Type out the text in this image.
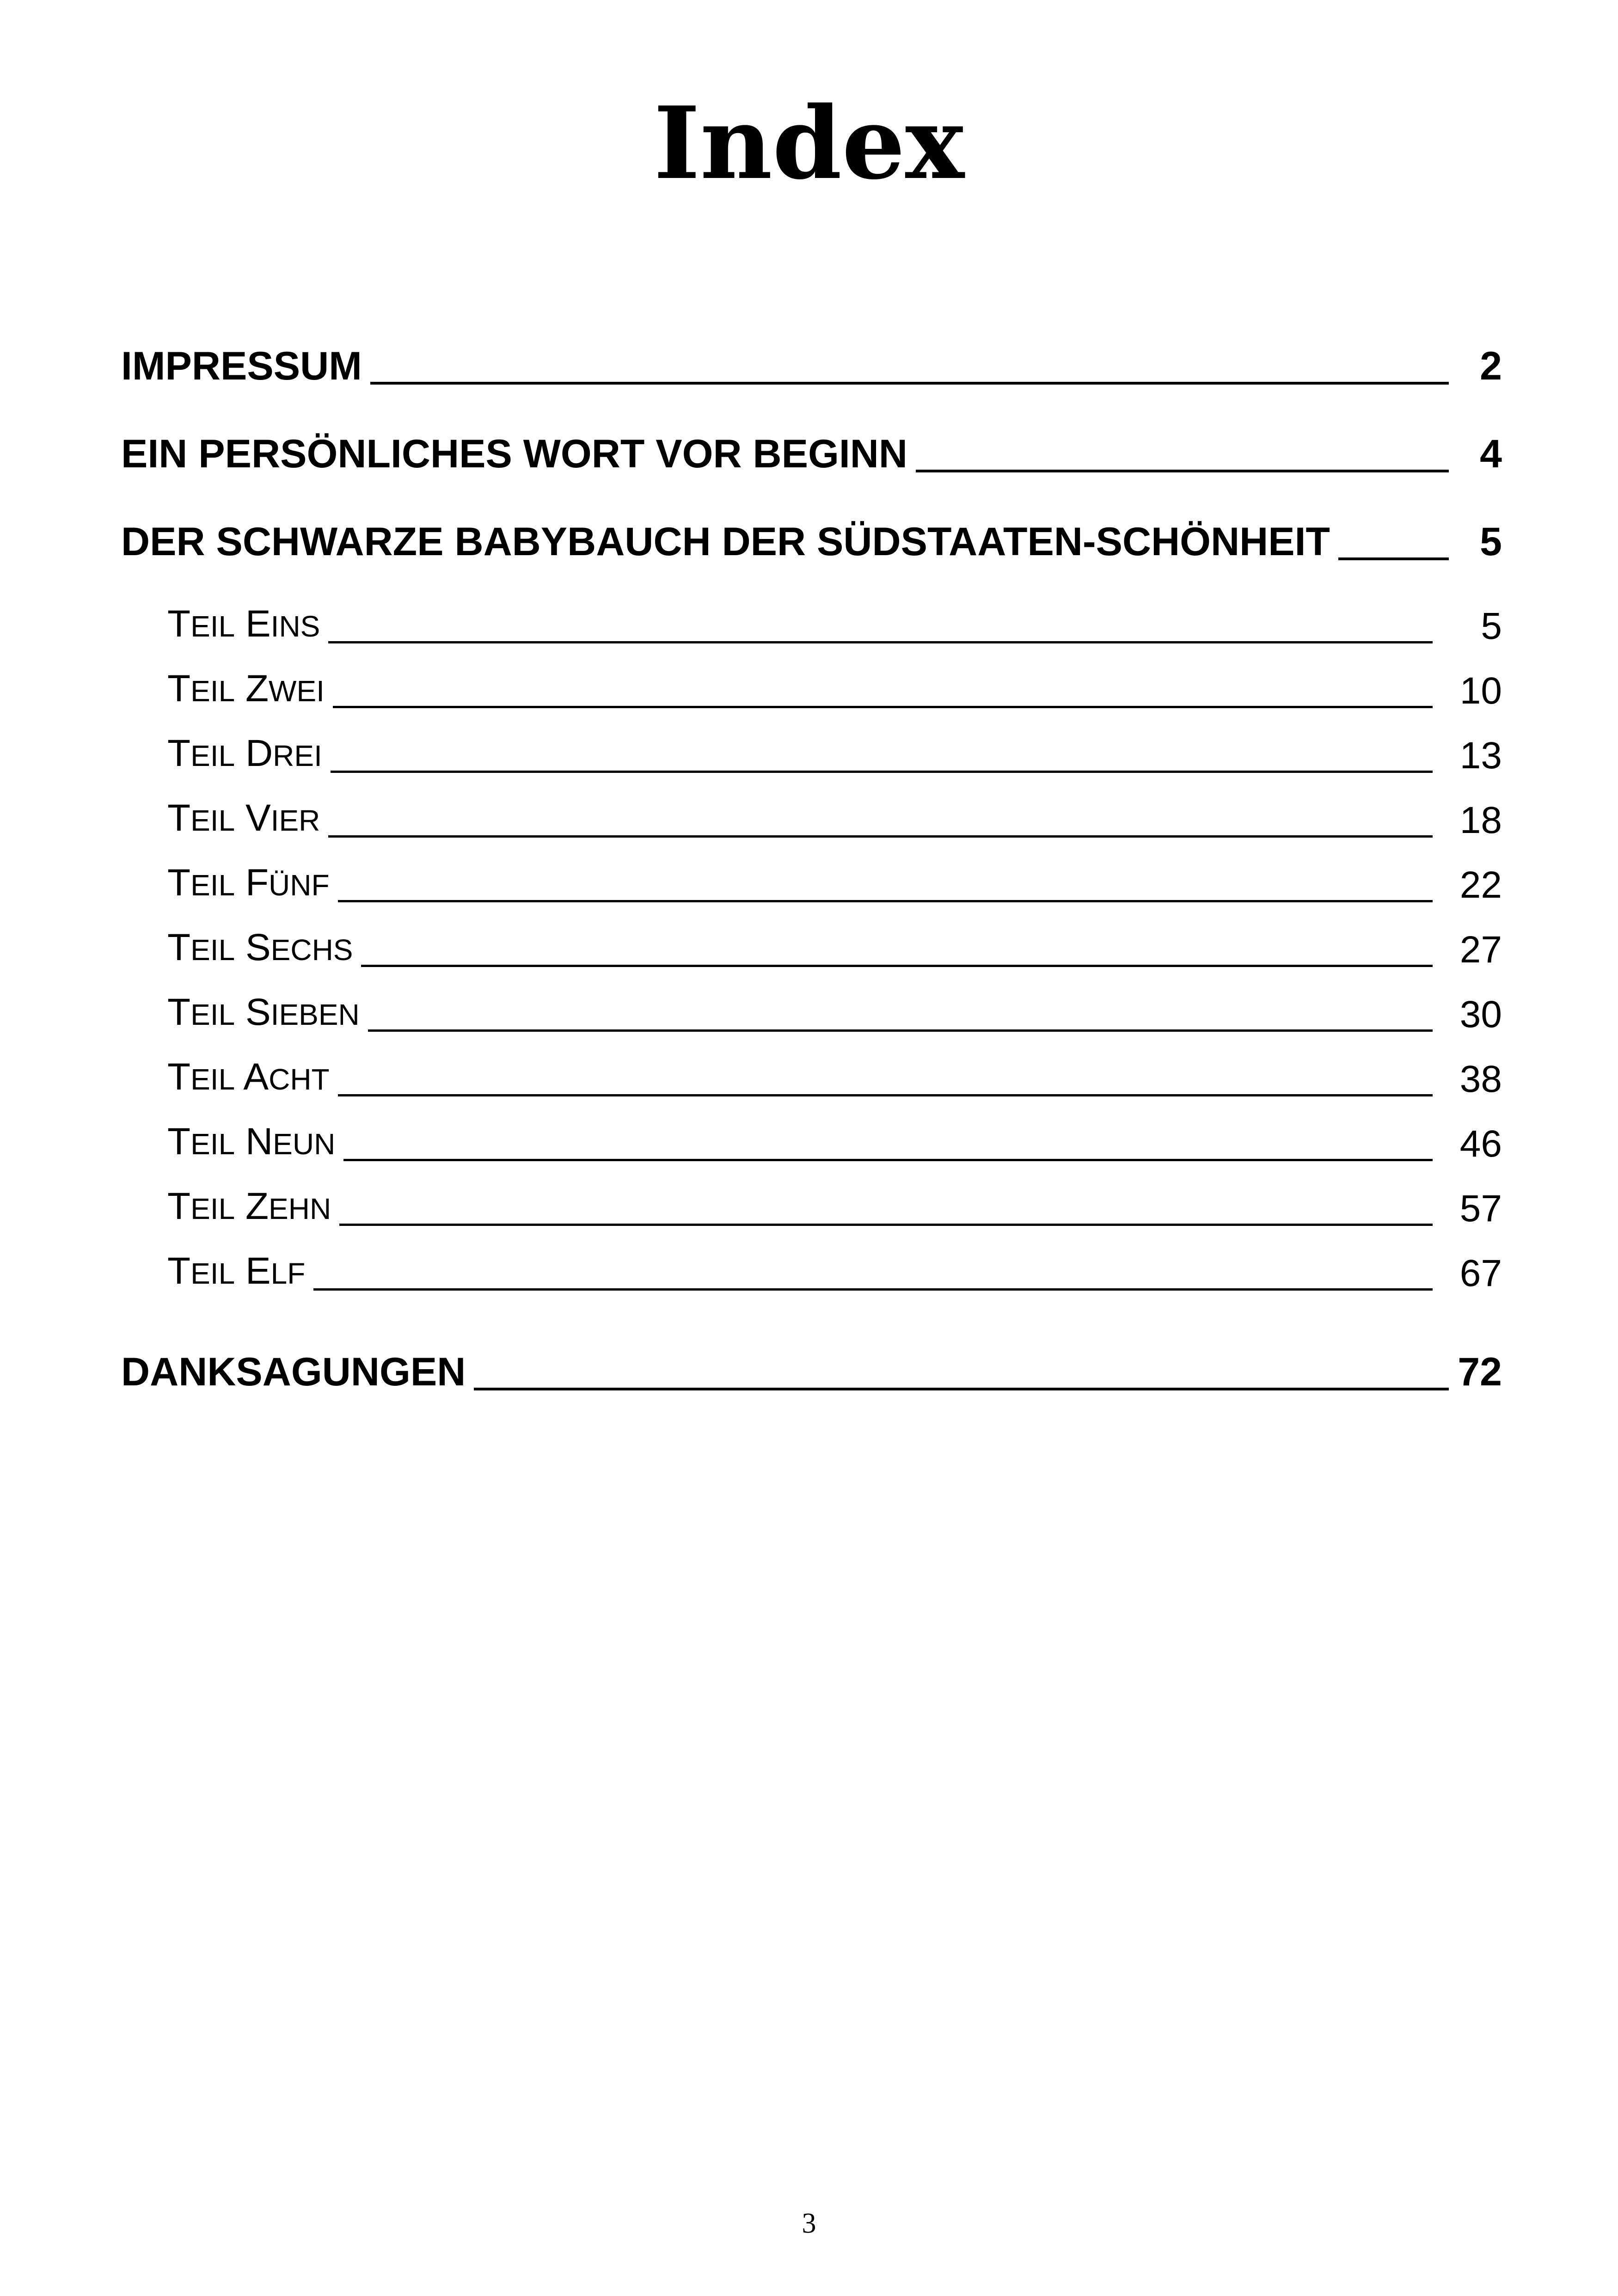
Index
IMPRESSUM	2
EIN PERSÖNLICHES WORT VOR BEGINN	4
DER SCHWARZE BABYBAUCH DER SÜDSTAATEN-SCHÖNHEIT	5
TEIL EINS	5
TEIL ZWEI	10
TEIL DREI	13
TEIL VIER	18
TEIL FÜNF	22
TEIL SECHS	27
TEIL SIEBEN	30
TEIL ACHT	38
TEIL NEUN	46
TEIL ZEHN	57
TEIL ELF	67
DANKSAGUNGEN	72
3
